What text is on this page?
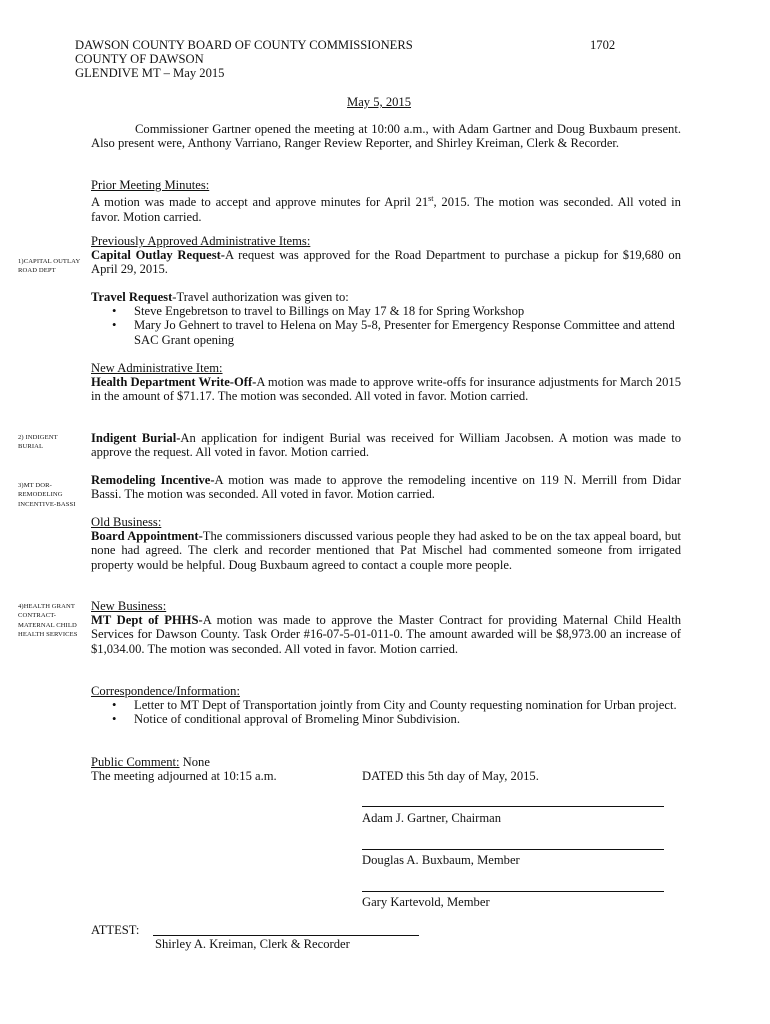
DAWSON COUNTY BOARD OF COUNTY COMMISSIONERS
COUNTY OF DAWSON
GLENDIVE MT – May 2015
1702
May 5, 2015
Commissioner Gartner opened the meeting at 10:00 a.m., with Adam Gartner and Doug Buxbaum present. Also present were, Anthony Varriano, Ranger Review Reporter, and Shirley Kreiman, Clerk & Recorder.
Prior Meeting Minutes:
A motion was made to accept and approve minutes for April 21st, 2015. The motion was seconded. All voted in favor. Motion carried.
1)CAPITAL OUTLAY ROAD DEPT
2) INDIGENT BURIAL
3)MT DOR-REMODELING INCENTIVE-BASSI
4)HEALTH GRANT CONTRACT-MATERNAL CHILD HEALTH SERVICES
Previously Approved Administrative Items:
Capital Outlay Request-A request was approved for the Road Department to purchase a pickup for $19,680 on April 29, 2015.
Travel Request-Travel authorization was given to:
• Steve Engebretson to travel to Billings on May 17 & 18 for Spring Workshop
• Mary Jo Gehnert to travel to Helena on May 5-8, Presenter for Emergency Response Committee and attend SAC Grant opening
New Administrative Item:
Health Department Write-Off-A motion was made to approve write-offs for insurance adjustments for March 2015 in the amount of $71.17. The motion was seconded. All voted in favor. Motion carried.
Indigent Burial-An application for indigent Burial was received for William Jacobsen. A motion was made to approve the request. All voted in favor. Motion carried.
Remodeling Incentive-A motion was made to approve the remodeling incentive on 119 N. Merrill from Didar Bassi. The motion was seconded. All voted in favor. Motion carried.
Old Business:
Board Appointment-The commissioners discussed various people they had asked to be on the tax appeal board, but none had agreed. The clerk and recorder mentioned that Pat Mischel had commented someone from irrigated property would be helpful. Doug Buxbaum agreed to contact a couple more people.
New Business:
MT Dept of PHHS-A motion was made to approve the Master Contract for providing Maternal Child Health Services for Dawson County. Task Order #16-07-5-01-011-0. The amount awarded will be $8,973.00 an increase of $1,034.00. The motion was seconded. All voted in favor. Motion carried.
Correspondence/Information:
• Letter to MT Dept of Transportation jointly from City and County requesting nomination for Urban project.
• Notice of conditional approval of Bromeling Minor Subdivision.
Public Comment: None
The meeting adjourned at 10:15 a.m.	DATED this 5th day of May, 2015.
Adam J. Gartner, Chairman
Douglas A. Buxbaum, Member
Gary Kartevold, Member
ATTEST:
Shirley A. Kreiman, Clerk & Recorder
